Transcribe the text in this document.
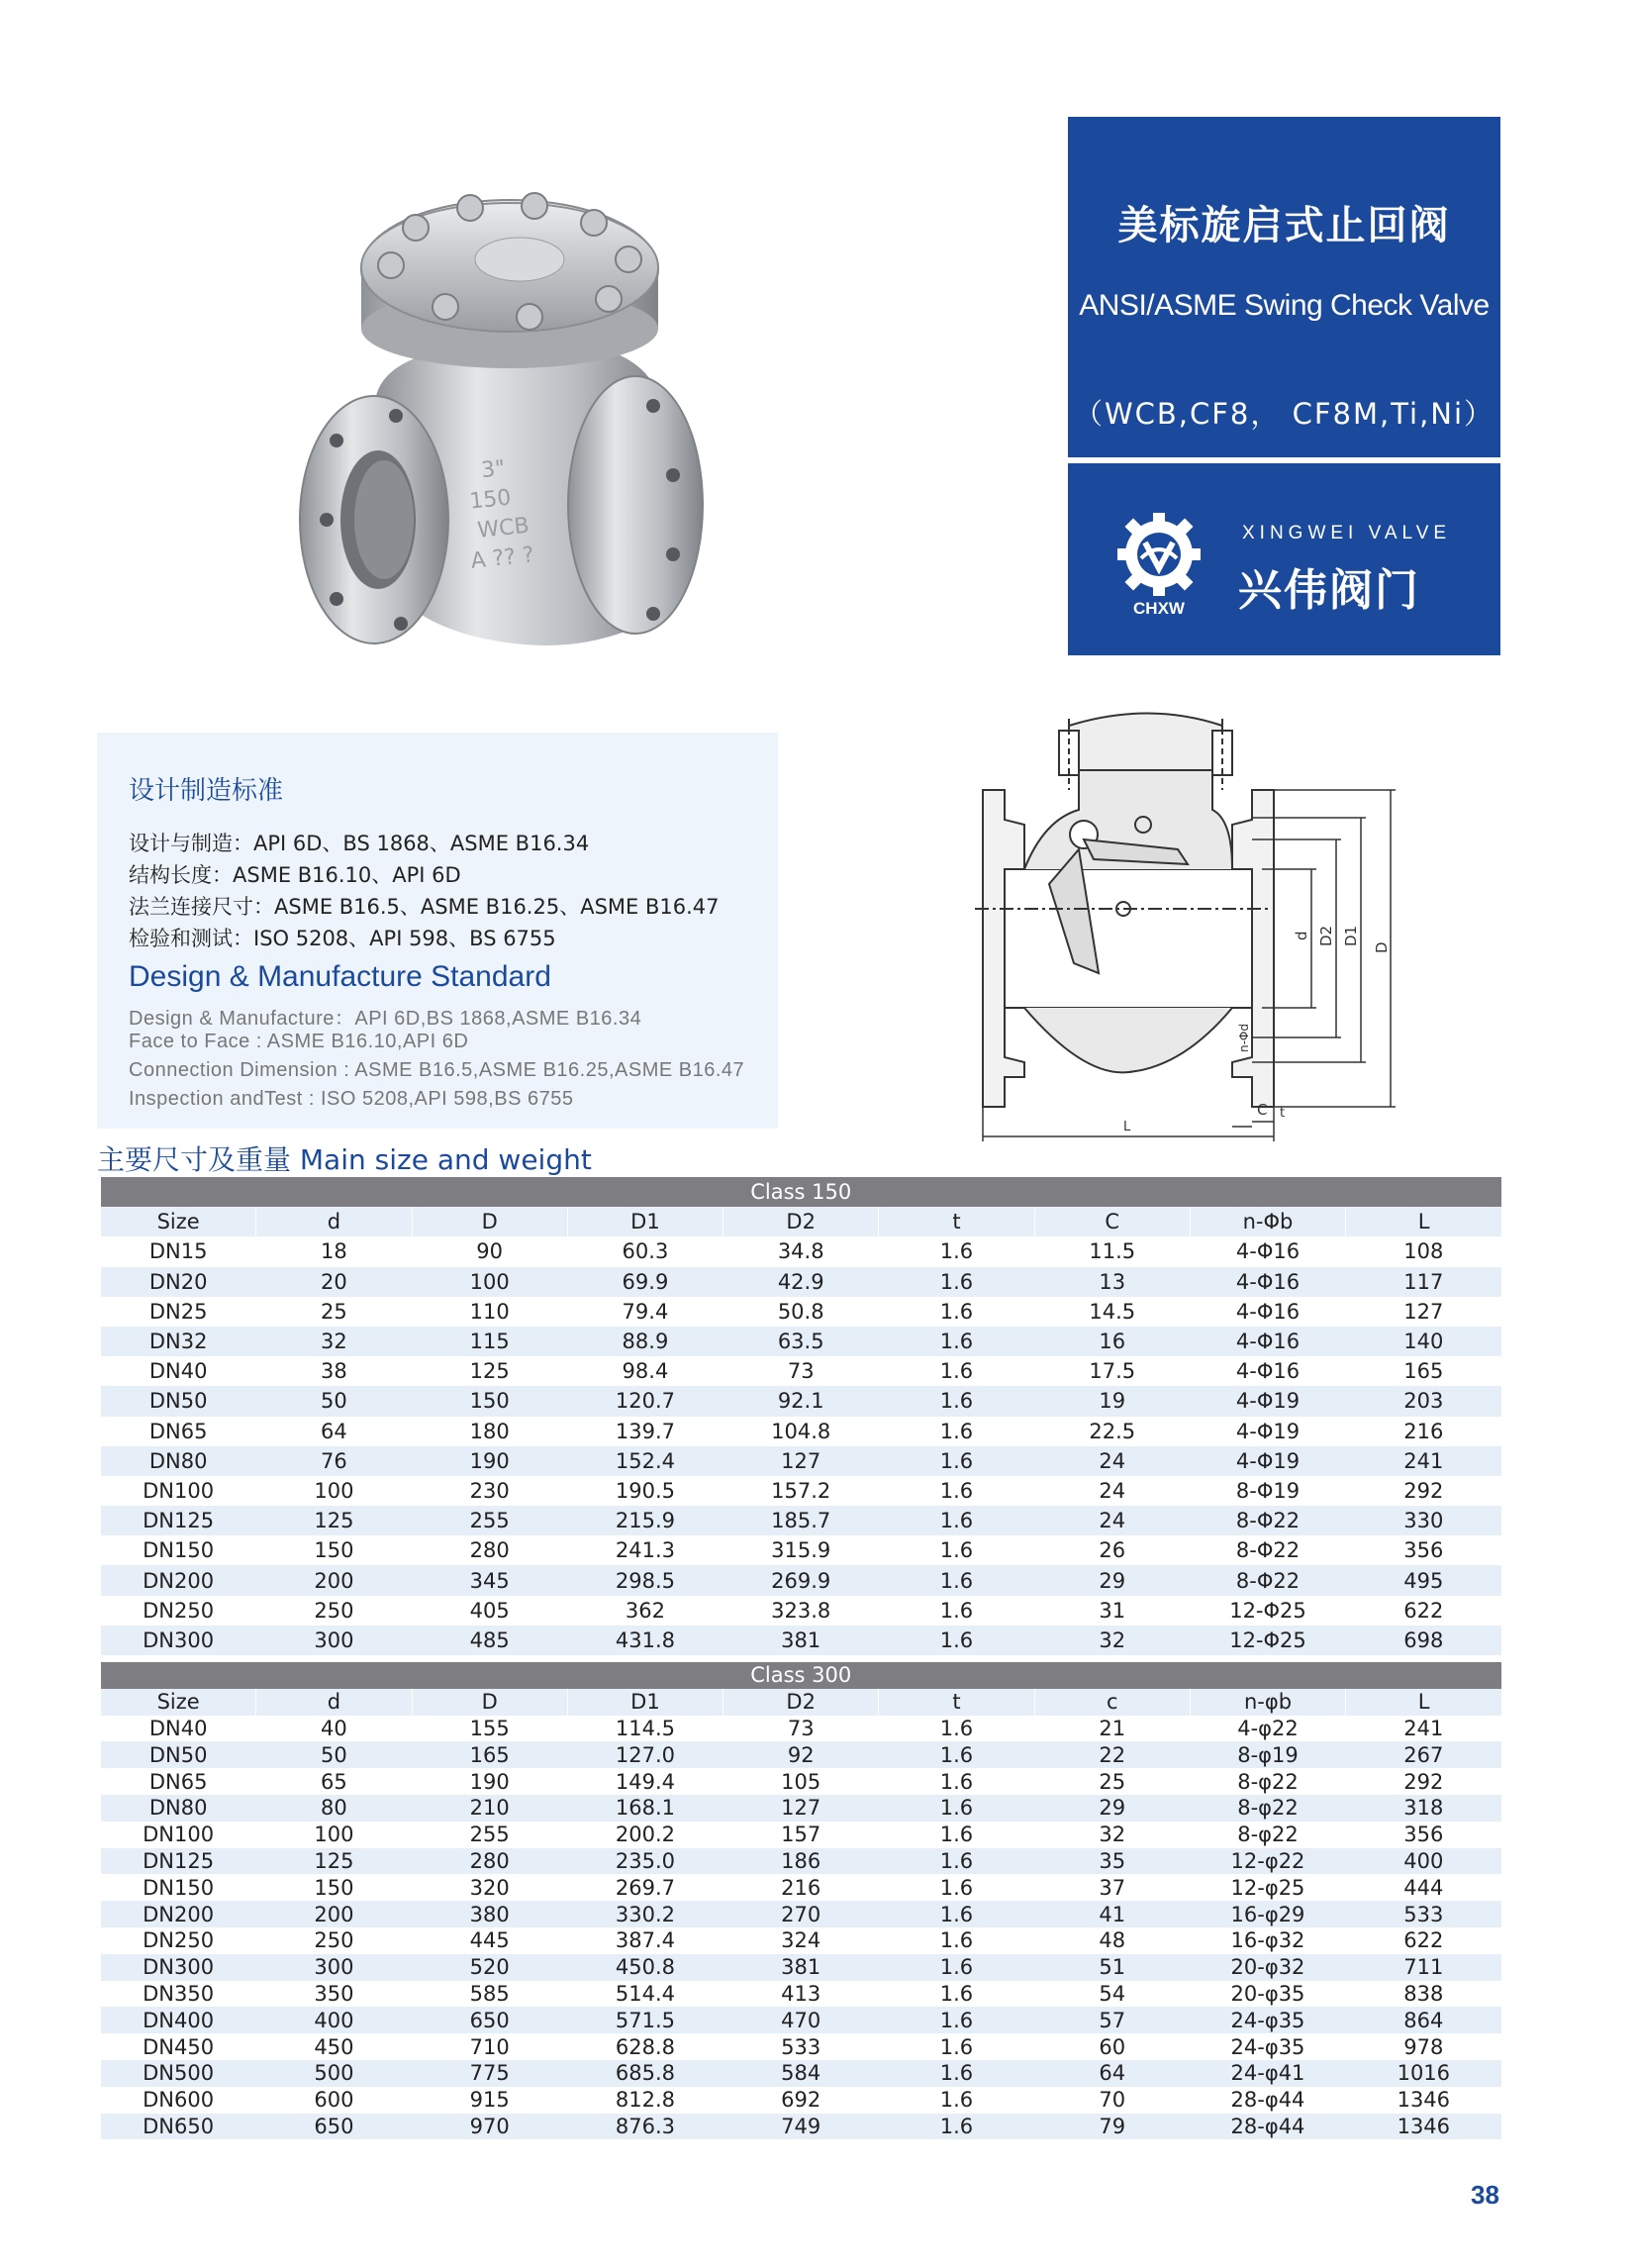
3"
150
WCB
A ?? ?
美标旋启式止回阀
ANSI/ASME Swing Check Valve
（WCB,CF8， CF8M,Ti,Ni）
CHXW
XINGWEI VALVE
兴伟阀门
设计制造标准
设计与制造：API 6D、BS 1868、ASME B16.34
结构长度：ASME B16.10、API 6D
法兰连接尺寸：ASME B16.5、ASME B16.25、ASME B16.47
检验和测试：ISO 5208、API 598、BS 6755
Design & Manufacture Standard
Design & Manufacture：API 6D,BS 1868,ASME B16.34
Face to Face : ASME B16.10,API 6D
Connection Dimension : ASME B16.5,ASME B16.25,ASME B16.47
Inspection andTest : ISO 5208,API 598,BS 6755
d D2 D1
D
n-Φd
t
C
L
主要尺寸及重量 Main size and weight
Class 150								
Size	d	D	D1	D2	t	C	n-Φb	L
DN15	18	90	60.3	34.8	1.6	11.5	4-Φ16	108
DN20	20	100	69.9	42.9	1.6	13	4-Φ16	117
DN25	25	110	79.4	50.8	1.6	14.5	4-Φ16	127
DN32	32	115	88.9	63.5	1.6	16	4-Φ16	140
DN40	38	125	98.4	73	1.6	17.5	4-Φ16	165
DN50	50	150	120.7	92.1	1.6	19	4-Φ19	203
DN65	64	180	139.7	104.8	1.6	22.5	4-Φ19	216
DN80	76	190	152.4	127	1.6	24	4-Φ19	241
DN100	100	230	190.5	157.2	1.6	24	8-Φ19	292
DN125	125	255	215.9	185.7	1.6	24	8-Φ22	330
DN150	150	280	241.3	315.9	1.6	26	8-Φ22	356
DN200	200	345	298.5	269.9	1.6	29	8-Φ22	495
DN250	250	405	362	323.8	1.6	31	12-Φ25	622
DN300	300	485	431.8	381	1.6	32	12-Φ25	698
Class 300								
Size	d	D	D1	D2	t	c	n-φb	L
DN40	40	155	114.5	73	1.6	21	4-φ22	241
DN50	50	165	127.0	92	1.6	22	8-φ19	267
DN65	65	190	149.4	105	1.6	25	8-φ22	292
DN80	80	210	168.1	127	1.6	29	8-φ22	318
DN100	100	255	200.2	157	1.6	32	8-φ22	356
DN125	125	280	235.0	186	1.6	35	12-φ22	400
DN150	150	320	269.7	216	1.6	37	12-φ25	444
DN200	200	380	330.2	270	1.6	41	16-φ29	533
DN250	250	445	387.4	324	1.6	48	16-φ32	622
DN300	300	520	450.8	381	1.6	51	20-φ32	711
DN350	350	585	514.4	413	1.6	54	20-φ35	838
DN400	400	650	571.5	470	1.6	57	24-φ35	864
DN450	450	710	628.8	533	1.6	60	24-φ35	978
DN500	500	775	685.8	584	1.6	64	24-φ41	1016
DN600	600	915	812.8	692	1.6	70	28-φ44	1346
DN650	650	970	876.3	749	1.6	79	28-φ44	1346
38
